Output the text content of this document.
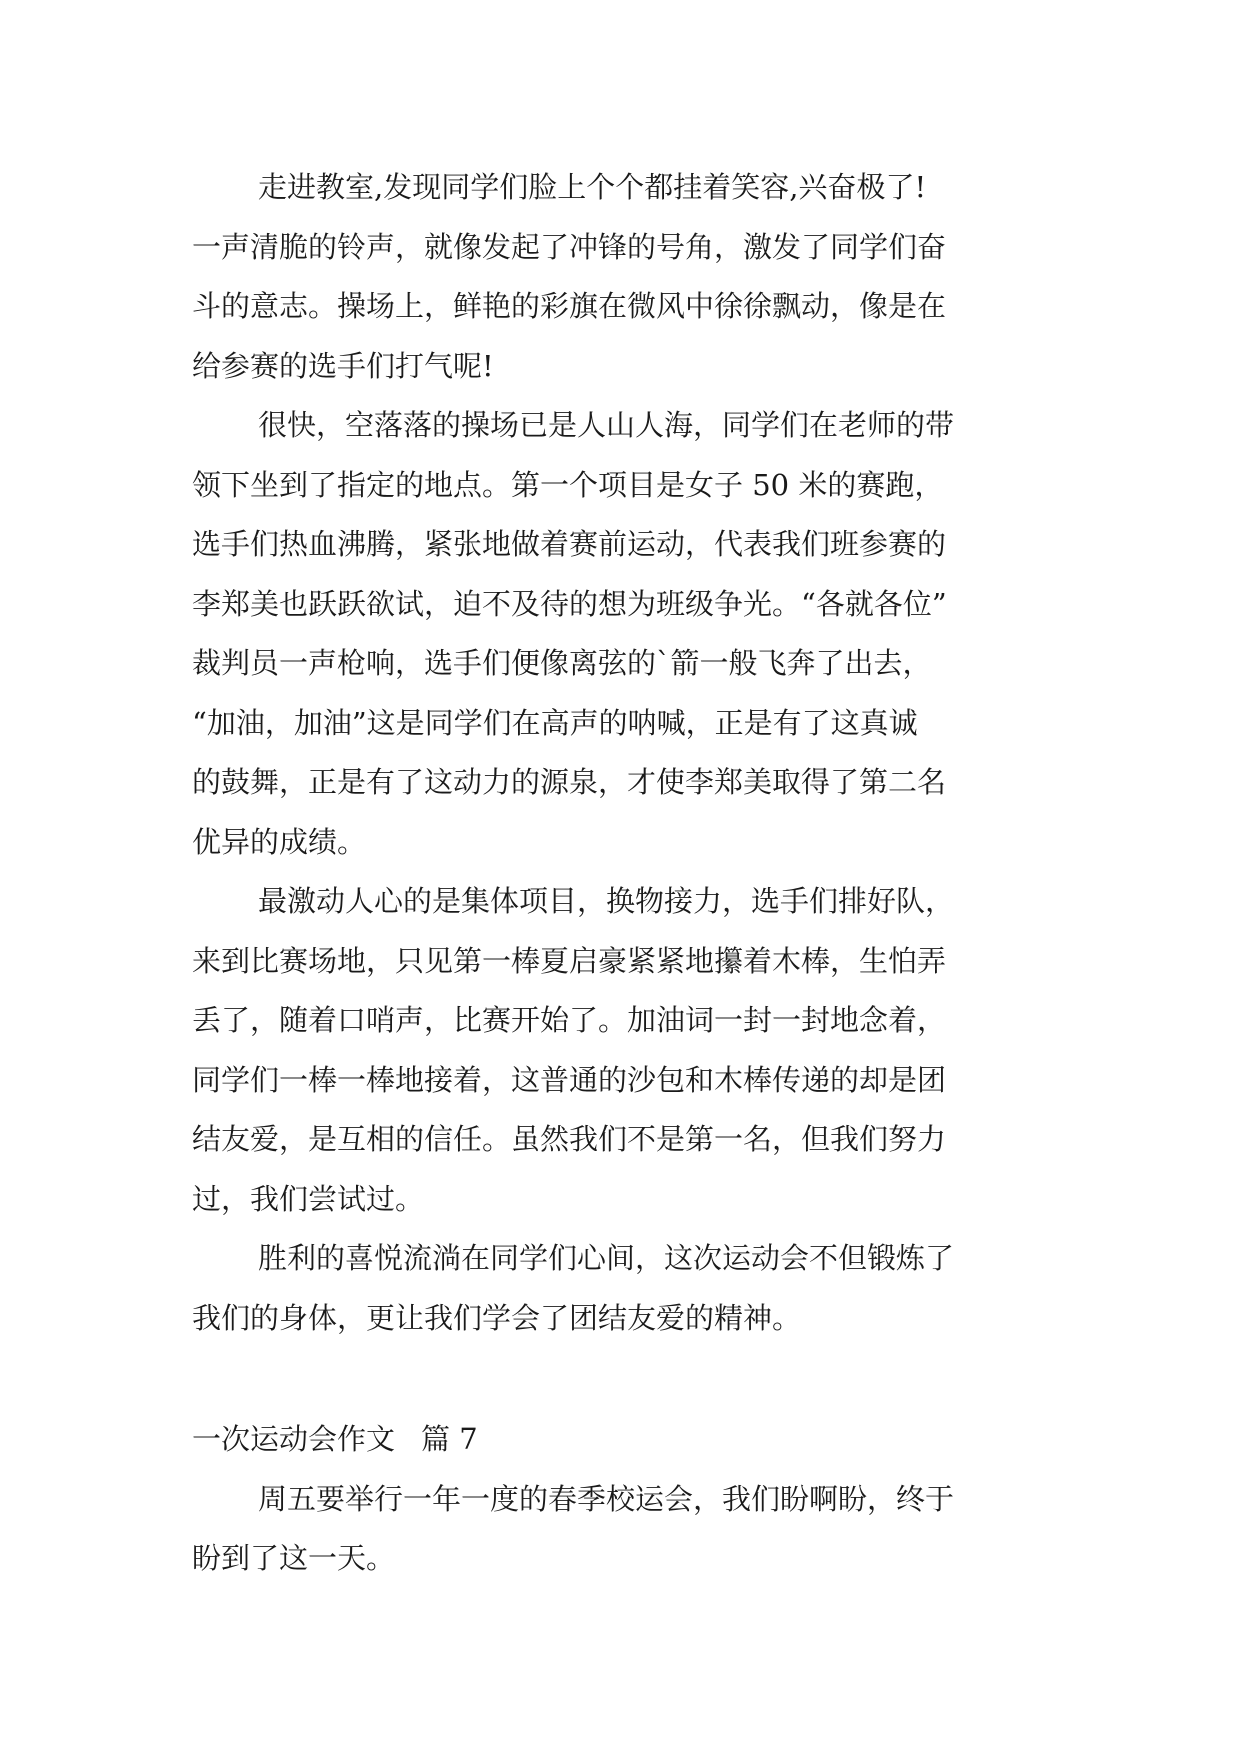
走进教室,发现同学们脸上个个都挂着笑容,兴奋极了!
一声清脆的铃声，就像发起了冲锋的号角，激发了同学们奋
斗的意志。操场上，鲜艳的彩旗在微风中徐徐飘动，像是在
给参赛的选手们打气呢!
很快，空落落的操场已是人山人海，同学们在老师的带
领下坐到了指定的地点。第一个项目是女子 50 米的赛跑，
选手们热血沸腾，紧张地做着赛前运动，代表我们班参赛的
李郑美也跃跃欲试，迫不及待的想为班级争光。“各就各位”
裁判员一声枪响，选手们便像离弦的`箭一般飞奔了出去，
“加油，加油”这是同学们在高声的呐喊，正是有了这真诚
的鼓舞，正是有了这动力的源泉，才使李郑美取得了第二名
优异的成绩。
最激动人心的是集体项目，换物接力，选手们排好队，
来到比赛场地，只见第一棒夏启豪紧紧地攥着木棒，生怕弄
丢了，随着口哨声，比赛开始了。加油词一封一封地念着，
同学们一棒一棒地接着，这普通的沙包和木棒传递的却是团
结友爱，是互相的信任。虽然我们不是第一名，但我们努力
过，我们尝试过。
胜利的喜悦流淌在同学们心间，这次运动会不但锻炼了
我们的身体，更让我们学会了团结友爱的精神。
一次运动会作文 篇 7
周五要举行一年一度的春季校运会，我们盼啊盼，终于
盼到了这一天。
